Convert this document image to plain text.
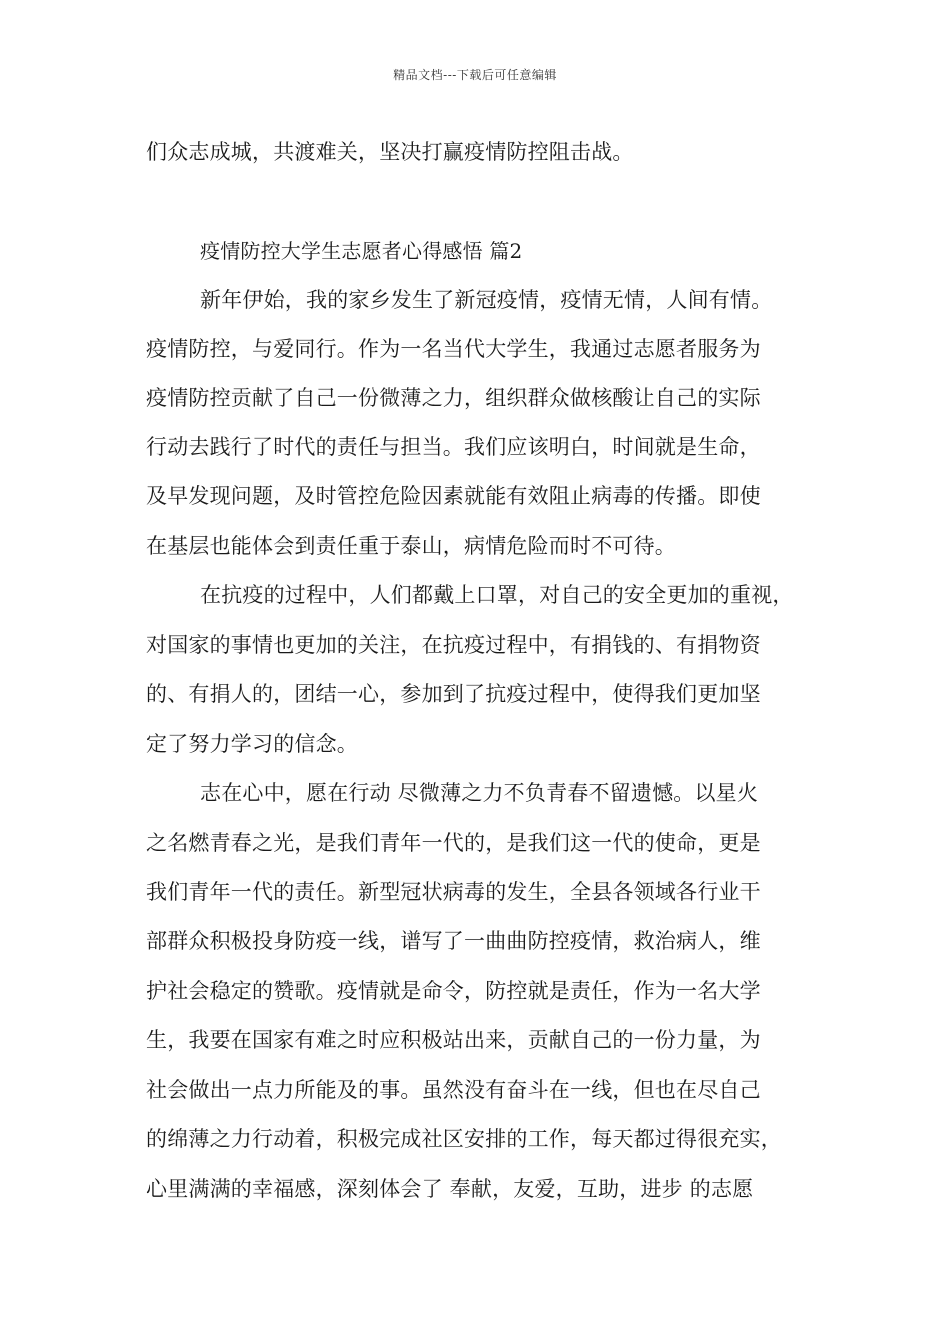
精品文档---下载后可任意编辑
们众志成城，共渡难关，坚决打赢疫情防控阻击战。
疫情防控大学生志愿者心得感悟 篇2
新年伊始，我的家乡发生了新冠疫情，疫情无情，人间有情。
疫情防控，与爱同行。作为一名当代大学生，我通过志愿者服务为
疫情防控贡献了自己一份微薄之力，组织群众做核酸让自己的实际
行动去践行了时代的责任与担当。我们应该明白，时间就是生命，
及早发现问题，及时管控危险因素就能有效阻止病毒的传播。即使
在基层也能体会到责任重于泰山，病情危险而时不可待。
在抗疫的过程中，人们都戴上口罩，对自己的安全更加的重视，
对国家的事情也更加的关注，在抗疫过程中，有捐钱的、有捐物资
的、有捐人的，团结一心，参加到了抗疫过程中，使得我们更加坚
定了努力学习的信念。
志在心中，愿在行动 尽微薄之力不负青春不留遗憾。以星火
之名燃青春之光，是我们青年一代的，是我们这一代的使命，更是
我们青年一代的责任。新型冠状病毒的发生，全县各领域各行业干
部群众积极投身防疫一线，谱写了一曲曲防控疫情，救治病人，维
护社会稳定的赞歌。疫情就是命令，防控就是责任，作为一名大学
生，我要在国家有难之时应积极站出来，贡献自己的一份力量，为
社会做出一点力所能及的事。虽然没有奋斗在一线，但也在尽自己
的绵薄之力行动着，积极完成社区安排的工作，每天都过得很充实，
心里满满的幸福感，深刻体会了 奉献，友爱，互助，进步 的志愿
